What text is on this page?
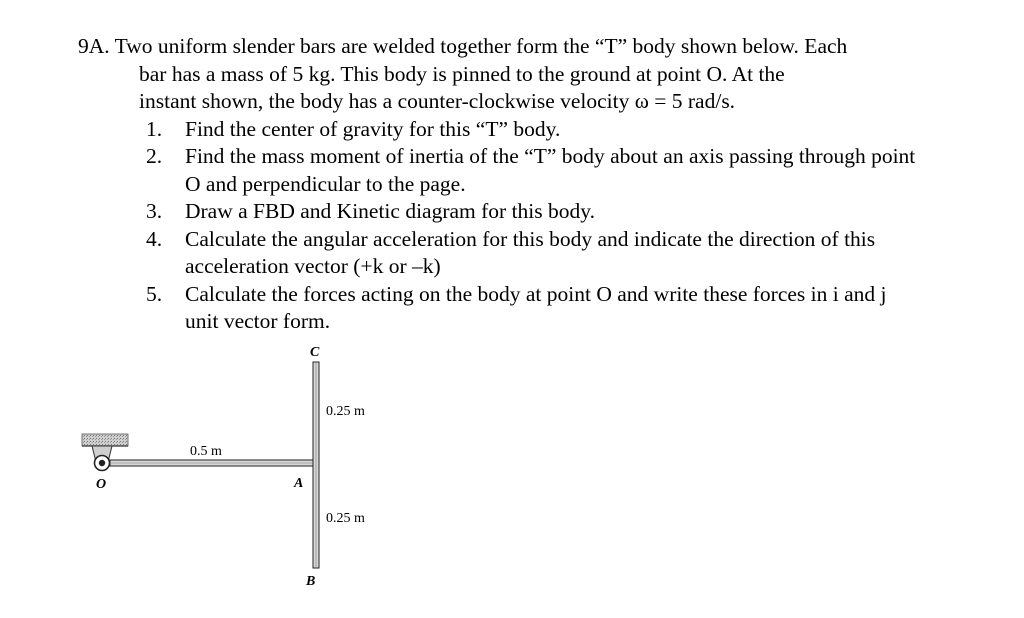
9A. Two uniform slender bars are welded together form the “T” body shown below. Each
bar has a mass of 5 kg. This body is pinned to the ground at point O. At the
instant shown, the body has a counter-clockwise velocity ω = 5 rad/s.
1. Find the center of gravity for this “T” body.
2. Find the mass moment of inertia of the “T” body about an axis passing through point O and perpendicular to the page.
3. Draw a FBD and Kinetic diagram for this body.
4. Calculate the angular acceleration for this body and indicate the direction of this acceleration vector (+k or –k)
5. Calculate the forces acting on the body at point O and write these forces in i and j unit vector form.
C
A
B
O
0.5 m
0.25 m
0.25 m
